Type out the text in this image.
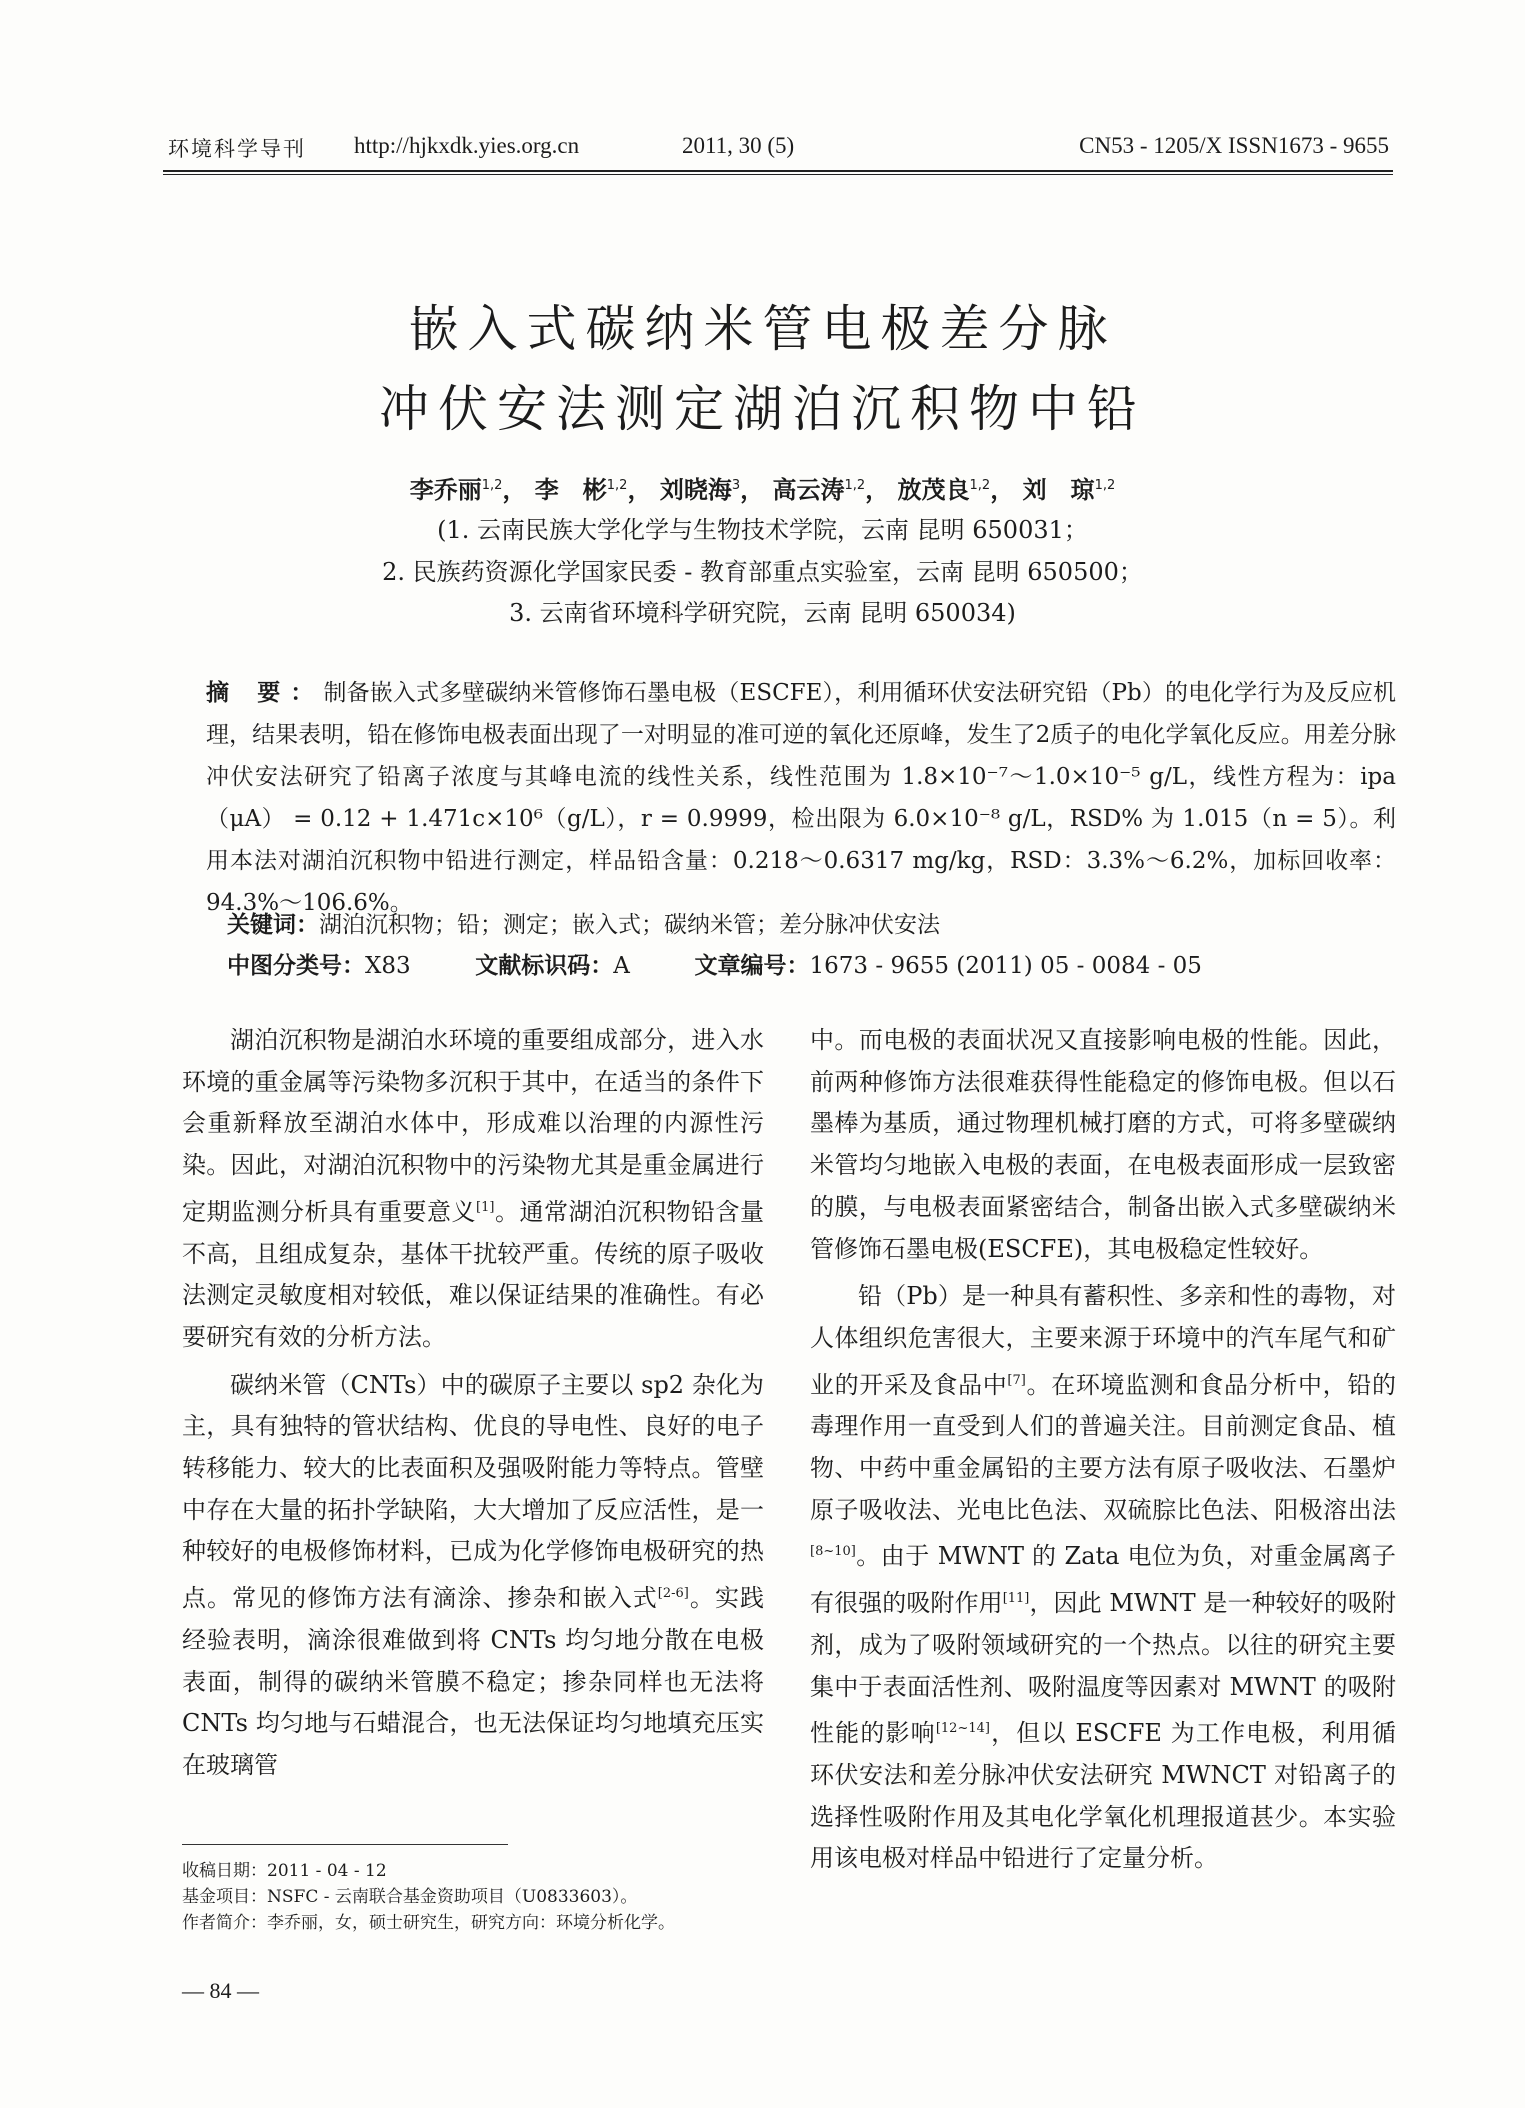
环境科学导刊 http://hjkxdk.yies.org.cn	2011, 30 (5)	CN53 - 1205/X ISSN1673 - 9655
嵌入式碳纳米管电极差分脉
冲伏安法测定湖泊沉积物中铅
李乔丽$^{1,2}$， 李　彬$^{1,2}$， 刘晓海$^3$， 高云涛$^{1,2}$， 放茂良$^{1,2}$， 刘　琼$^{1,2}$
(1. 云南民族大学化学与生物技术学院，云南 昆明 650031；
2. 民族药资源化学国家民委 - 教育部重点实验室，云南 昆明 650500；
3. 云南省环境科学研究院，云南 昆明 650034)
摘 要：制备嵌入式多壁碳纳米管修饰石墨电极（ESCFE），利用循环伏安法研究铅（Pb）的电化学行为及反应机理，结果表明，铅在修饰电极表面出现了一对明显的准可逆的氧化还原峰，发生了2质子的电化学氧化反应。用差分脉冲伏安法研究了铅离子浓度与其峰电流的线性关系，线性范围为 1.8×10⁻⁷～1.0×10⁻⁵ g/L，线性方程为：ipa（μA） = 0.12 + 1.471c×10⁶（g/L），r = 0.9999，检出限为 6.0×10⁻⁸ g/L，RSD% 为 1.015（n = 5）。利用本法对湖泊沉积物中铅进行测定，样品铅含量：0.218～0.6317 mg/kg，RSD：3.3%～6.2%，加标回收率：94.3%～106.6%。
关键词：湖泊沉积物；铅；测定；嵌入式；碳纳米管；差分脉冲伏安法
中图分类号：X83	文献标识码：A	文章编号：1673 - 9655 (2011) 05 - 0084 - 05

湖泊沉积物是湖泊水环境的重要组成部分，进入水环境的重金属等污染物多沉积于其中，在适当的条件下会重新释放至湖泊水体中，形成难以治理的内源性污染。因此，对湖泊沉积物中的污染物尤其是重金属进行定期监测分析具有重要意义[1]。通常湖泊沉积物铅含量不高，且组成复杂，基体干扰较严重。传统的原子吸收法测定灵敏度相对较低，难以保证结果的准确性。有必要研究有效的分析方法。

碳纳米管（CNTs）中的碳原子主要以 sp2 杂化为主，具有独特的管状结构、优良的导电性、良好的电子转移能力、较大的比表面积及强吸附能力等特点。管壁中存在大量的拓扑学缺陷，大大增加了反应活性，是一种较好的电极修饰材料，已成为化学修饰电极研究的热点。常见的修饰方法有滴涂、掺杂和嵌入式[2-6]。实践经验表明，滴涂很难做到将 CNTs 均匀地分散在电极表面，制得的碳纳米管膜不稳定；掺杂同样也无法将 CNTs 均匀地与石蜡混合，也无法保证均匀地填充压实在玻璃管

中。而电极的表面状况又直接影响电极的性能。因此，前两种修饰方法很难获得性能稳定的修饰电极。但以石墨棒为基质，通过物理机械打磨的方式，可将多壁碳纳米管均匀地嵌入电极的表面，在电极表面形成一层致密的膜，与电极表面紧密结合，制备出嵌入式多壁碳纳米管修饰石墨电极(ESCFE)，其电极稳定性较好。

铅（Pb）是一种具有蓄积性、多亲和性的毒物，对人体组织危害很大，主要来源于环境中的汽车尾气和矿业的开采及食品中[7]。在环境监测和食品分析中，铅的毒理作用一直受到人们的普遍关注。目前测定食品、植物、中药中重金属铅的主要方法有原子吸收法、石墨炉原子吸收法、光电比色法、双硫腙比色法、阳极溶出法[8~10]。由于 MWNT 的 Zata 电位为负，对重金属离子有很强的吸附作用[11]，因此 MWNT 是一种较好的吸附剂，成为了吸附领域研究的一个热点。以往的研究主要集中于表面活性剂、吸附温度等因素对 MWNT 的吸附性能的影响[12~14]，但以 ESCFE 为工作电极，利用循环伏安法和差分脉冲伏安法研究 MWNCT 对铅离子的选择性吸附作用及其电化学氧化机理报道甚少。本实验用该电极对样品中铅进行了定量分析。

收稿日期：2011 - 04 - 12
基金项目：NSFC - 云南联合基金资助项目（U0833603）。
作者简介：李乔丽，女，硕士研究生，研究方向：环境分析化学。
— 84 —
